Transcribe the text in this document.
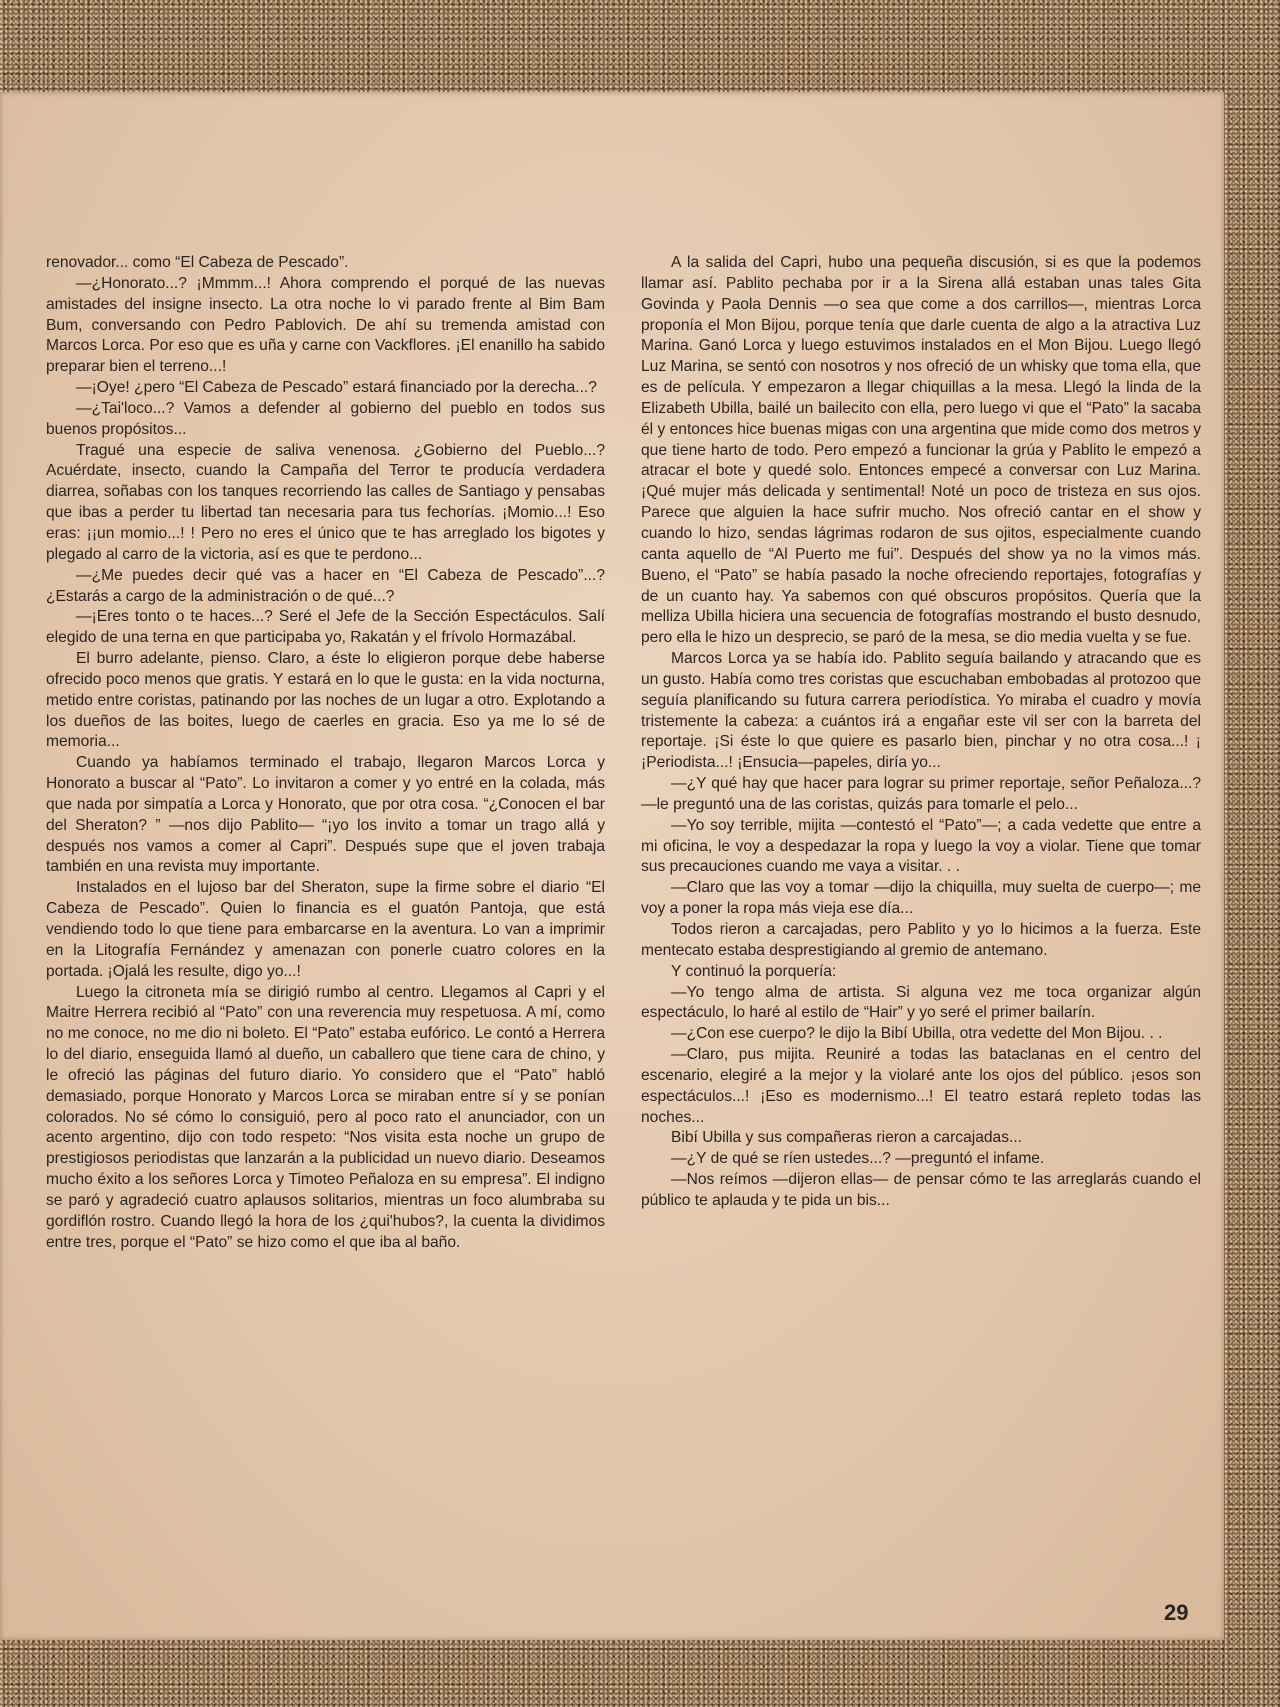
renovador... como “El Cabeza de Pescado”.

—¿Honorato...? ¡Mmmm...! Ahora comprendo el porqué de las nuevas amistades del insigne insecto. La otra noche lo vi parado frente al Bim Bam Bum, conversando con Pedro Pablovich. De ahí su tremenda amistad con Marcos Lorca. Por eso que es uña y carne con Vackflores. ¡El enanillo ha sabido preparar bien el terreno...!

—¡Oye! ¿pero “El Cabeza de Pescado” estará financiado por la derecha...?

—¿Tai'loco...? Vamos a defender al gobierno del pueblo en todos sus buenos propósitos...

Tragué una especie de saliva venenosa. ¿Gobierno del Pueblo...? Acuérdate, insecto, cuando la Campaña del Terror te producía verdadera diarrea, soñabas con los tanques recorriendo las calles de Santiago y pensabas que ibas a perder tu libertad tan necesaria para tus fechorías. ¡Momio...! Eso eras: ¡¡un momio...! ! Pero no eres el único que te has arreglado los bigotes y plegado al carro de la victoria, así es que te perdono...

—¿Me puedes decir qué vas a hacer en “El Cabeza de Pescado”...? ¿Estarás a cargo de la administración o de qué...?

—¡Eres tonto o te haces...? Seré el Jefe de la Sección Espectáculos. Salí elegido de una terna en que participaba yo, Rakatán y el frívolo Hormazábal.

El burro adelante, pienso. Claro, a éste lo eligieron porque debe haberse ofrecido poco menos que gratis. Y estará en lo que le gusta: en la vida nocturna, metido entre coristas, patinando por las noches de un lugar a otro. Explotando a los dueños de las boites, luego de caerles en gracia. Eso ya me lo sé de memoria...

Cuando ya habíamos terminado el trabajo, llegaron Marcos Lorca y Honorato a buscar al “Pato”. Lo invitaron a comer y yo entré en la colada, más que nada por simpatía a Lorca y Honorato, que por otra cosa. “¿Conocen el bar del Sheraton? ” —nos dijo Pablito— “¡yo los invito a tomar un trago allá y después nos vamos a comer al Capri”. Después supe que el joven trabaja también en una revista muy importante.

Instalados en el lujoso bar del Sheraton, supe la firme sobre el diario “El Cabeza de Pescado”. Quien lo financia es el guatón Pantoja, que está vendiendo todo lo que tiene para embarcarse en la aventura. Lo van a imprimir en la Litografía Fernández y amenazan con ponerle cuatro colores en la portada. ¡Ojalá les resulte, digo yo...!

Luego la citroneta mía se dirigió rumbo al centro. Llegamos al Capri y el Maitre Herrera recibió al “Pato” con una reverencia muy respetuosa. A mí, como no me conoce, no me dio ni boleto. El “Pato” estaba eufórico. Le contó a Herrera lo del diario, enseguida llamó al dueño, un caballero que tiene cara de chino, y le ofreció las páginas del futuro diario. Yo considero que el “Pato” habló demasiado, porque Honorato y Marcos Lorca se miraban entre sí y se ponían colorados. No sé cómo lo consiguió, pero al poco rato el anunciador, con un acento argentino, dijo con todo respeto: “Nos visita esta noche un grupo de prestigiosos periodistas que lanzarán a la publicidad un nuevo diario. Deseamos mucho éxito a los señores Lorca y Timoteo Peñaloza en su empresa”. El indigno se paró y agradeció cuatro aplausos solitarios, mientras un foco alumbraba su gordiflón rostro. Cuando llegó la hora de los ¿qui'hubos?, la cuenta la dividimos entre tres, porque el “Pato” se hizo como el que iba al baño.

A la salida del Capri, hubo una pequeña discusión, si es que la podemos llamar así. Pablito pechaba por ir a la Sirena allá estaban unas tales Gita Govinda y Paola Dennis —o sea que come a dos carrillos—, mientras Lorca proponía el Mon Bijou, porque tenía que darle cuenta de algo a la atractiva Luz Marina. Ganó Lorca y luego estuvimos instalados en el Mon Bijou. Luego llegó Luz Marina, se sentó con nosotros y nos ofreció de un whisky que toma ella, que es de película. Y empezaron a llegar chiquillas a la mesa. Llegó la linda de la Elizabeth Ubilla, bailé un bailecito con ella, pero luego vi que el “Pato” la sacaba él y entonces hice buenas migas con una argentina que mide como dos metros y que tiene harto de todo. Pero empezó a funcionar la grúa y Pablito le empezó a atracar el bote y quedé solo. Entonces empecé a conversar con Luz Marina. ¡Qué mujer más delicada y sentimental! Noté un poco de tristeza en sus ojos. Parece que alguien la hace sufrir mucho. Nos ofreció cantar en el show y cuando lo hizo, sendas lágrimas rodaron de sus ojitos, especialmente cuando canta aquello de “Al Puerto me fui”. Después del show ya no la vimos más. Bueno, el “Pato” se había pasado la noche ofreciendo reportajes, fotografías y de un cuanto hay. Ya sabemos con qué obscuros propósitos. Quería que la melliza Ubilla hiciera una secuencia de fotografías mostrando el busto desnudo, pero ella le hizo un desprecio, se paró de la mesa, se dio media vuelta y se fue.

Marcos Lorca ya se había ido. Pablito seguía bailando y atracando que es un gusto. Había como tres coristas que escuchaban embobadas al protozoo que seguía planificando su futura carrera periodística. Yo miraba el cuadro y movía tristemente la cabeza: a cuántos irá a engañar este vil ser con la barreta del reportaje. ¡Si éste lo que quiere es pasarlo bien, pinchar y no otra cosa...! ¡ ¡Periodista...! ¡Ensucia—papeles, diría yo...

—¿Y qué hay que hacer para lograr su primer reportaje, señor Peñaloza...? —le preguntó una de las coristas, quizás para tomarle el pelo...

—Yo soy terrible, mijita —contestó el “Pato”—; a cada vedette que entre a mi oficina, le voy a despedazar la ropa y luego la voy a violar. Tiene que tomar sus precauciones cuando me vaya a visitar. . .

—Claro que las voy a tomar —dijo la chiquilla, muy suelta de cuerpo—; me voy a poner la ropa más vieja ese día...

Todos rieron a carcajadas, pero Pablito y yo lo hicimos a la fuerza. Este mentecato estaba desprestigiando al gremio de antemano.

Y continuó la porquería:

—Yo tengo alma de artista. Si alguna vez me toca organizar algún espectáculo, lo haré al estilo de “Hair” y yo seré el primer bailarín.

—¿Con ese cuerpo? le dijo la Bibí Ubilla, otra vedette del Mon Bijou. . .

—Claro, pus mijita. Reuniré a todas las bataclanas en el centro del escenario, elegiré a la mejor y la violaré ante los ojos del público. ¡esos son espectáculos...! ¡Eso es modernismo...! El teatro estará repleto todas las noches...

Bibí Ubilla y sus compañeras rieron a carcajadas...

—¿Y de qué se ríen ustedes...? —preguntó el infame.

—Nos reímos —dijeron ellas— de pensar cómo te las arreglarás cuando el público te aplauda y te pida un bis...

29
